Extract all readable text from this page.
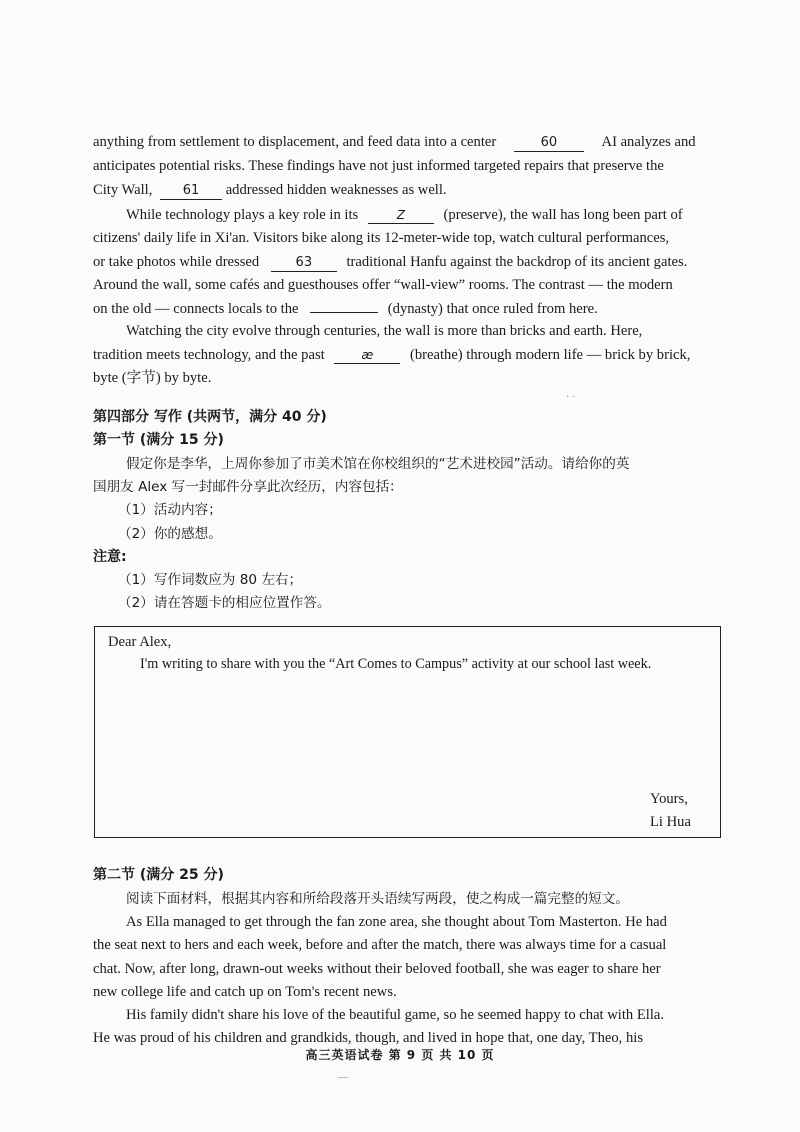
anything from settlement to displacement, and feed data into a center	60	AI analyzes and
anticipates potential risks. These findings have not just informed targeted repairs that preserve the
City Wall, 61 addressed hidden weaknesses as well.
While technology plays a key role in its	Z	(preserve), the wall has long been part of
citizens' daily life in Xi'an. Visitors bike along its 12-meter-wide top, watch cultural performances,
or take photos while dressed	63 traditional Hanfu against the backdrop of its ancient gates.
Around the wall, some cafés and guesthouses offer “wall-view” rooms. The contrast — the modern
on the old — connects locals to the	(dynasty) that once ruled from here.
Watching the city evolve through centuries, the wall is more than bricks and earth. Here,
tradition meets technology, and the past	æ	(breathe) through modern life — brick by brick,
byte (字节) by byte.
· ·
第四部分 写作 (共两节，满分 40 分)
第一节 (满分 15 分)
假定你是李华，上周你参加了市美术馆在你校组织的“艺术进校园”活动。请给你的英
国朋友 Alex 写一封邮件分享此次经历，内容包括：
（1）活动内容；
（2）你的感想。
注意:
（1）写作词数应为 80 左右；
（2）请在答题卡的相应位置作答。
Dear Alex,
I'm writing to share with you the “Art Comes to Campus” activity at our school last week.
Yours,
Li Hua
第二节 (满分 25 分)
阅读下面材料，根据其内容和所给段落开头语续写两段，使之构成一篇完整的短文。
As Ella managed to get through the fan zone area, she thought about Tom Masterton. He had
the seat next to hers and each week, before and after the match, there was always time for a casual
chat. Now, after long, drawn-out weeks without their beloved football, she was eager to share her
new college life and catch up on Tom's recent news.
His family didn't share his love of the beautiful game, so he seemed happy to chat with Ella.
He was proud of his children and grandkids, though, and lived in hope that, one day, Theo, his
高三英语试卷 第 9 页 共 10 页
—
